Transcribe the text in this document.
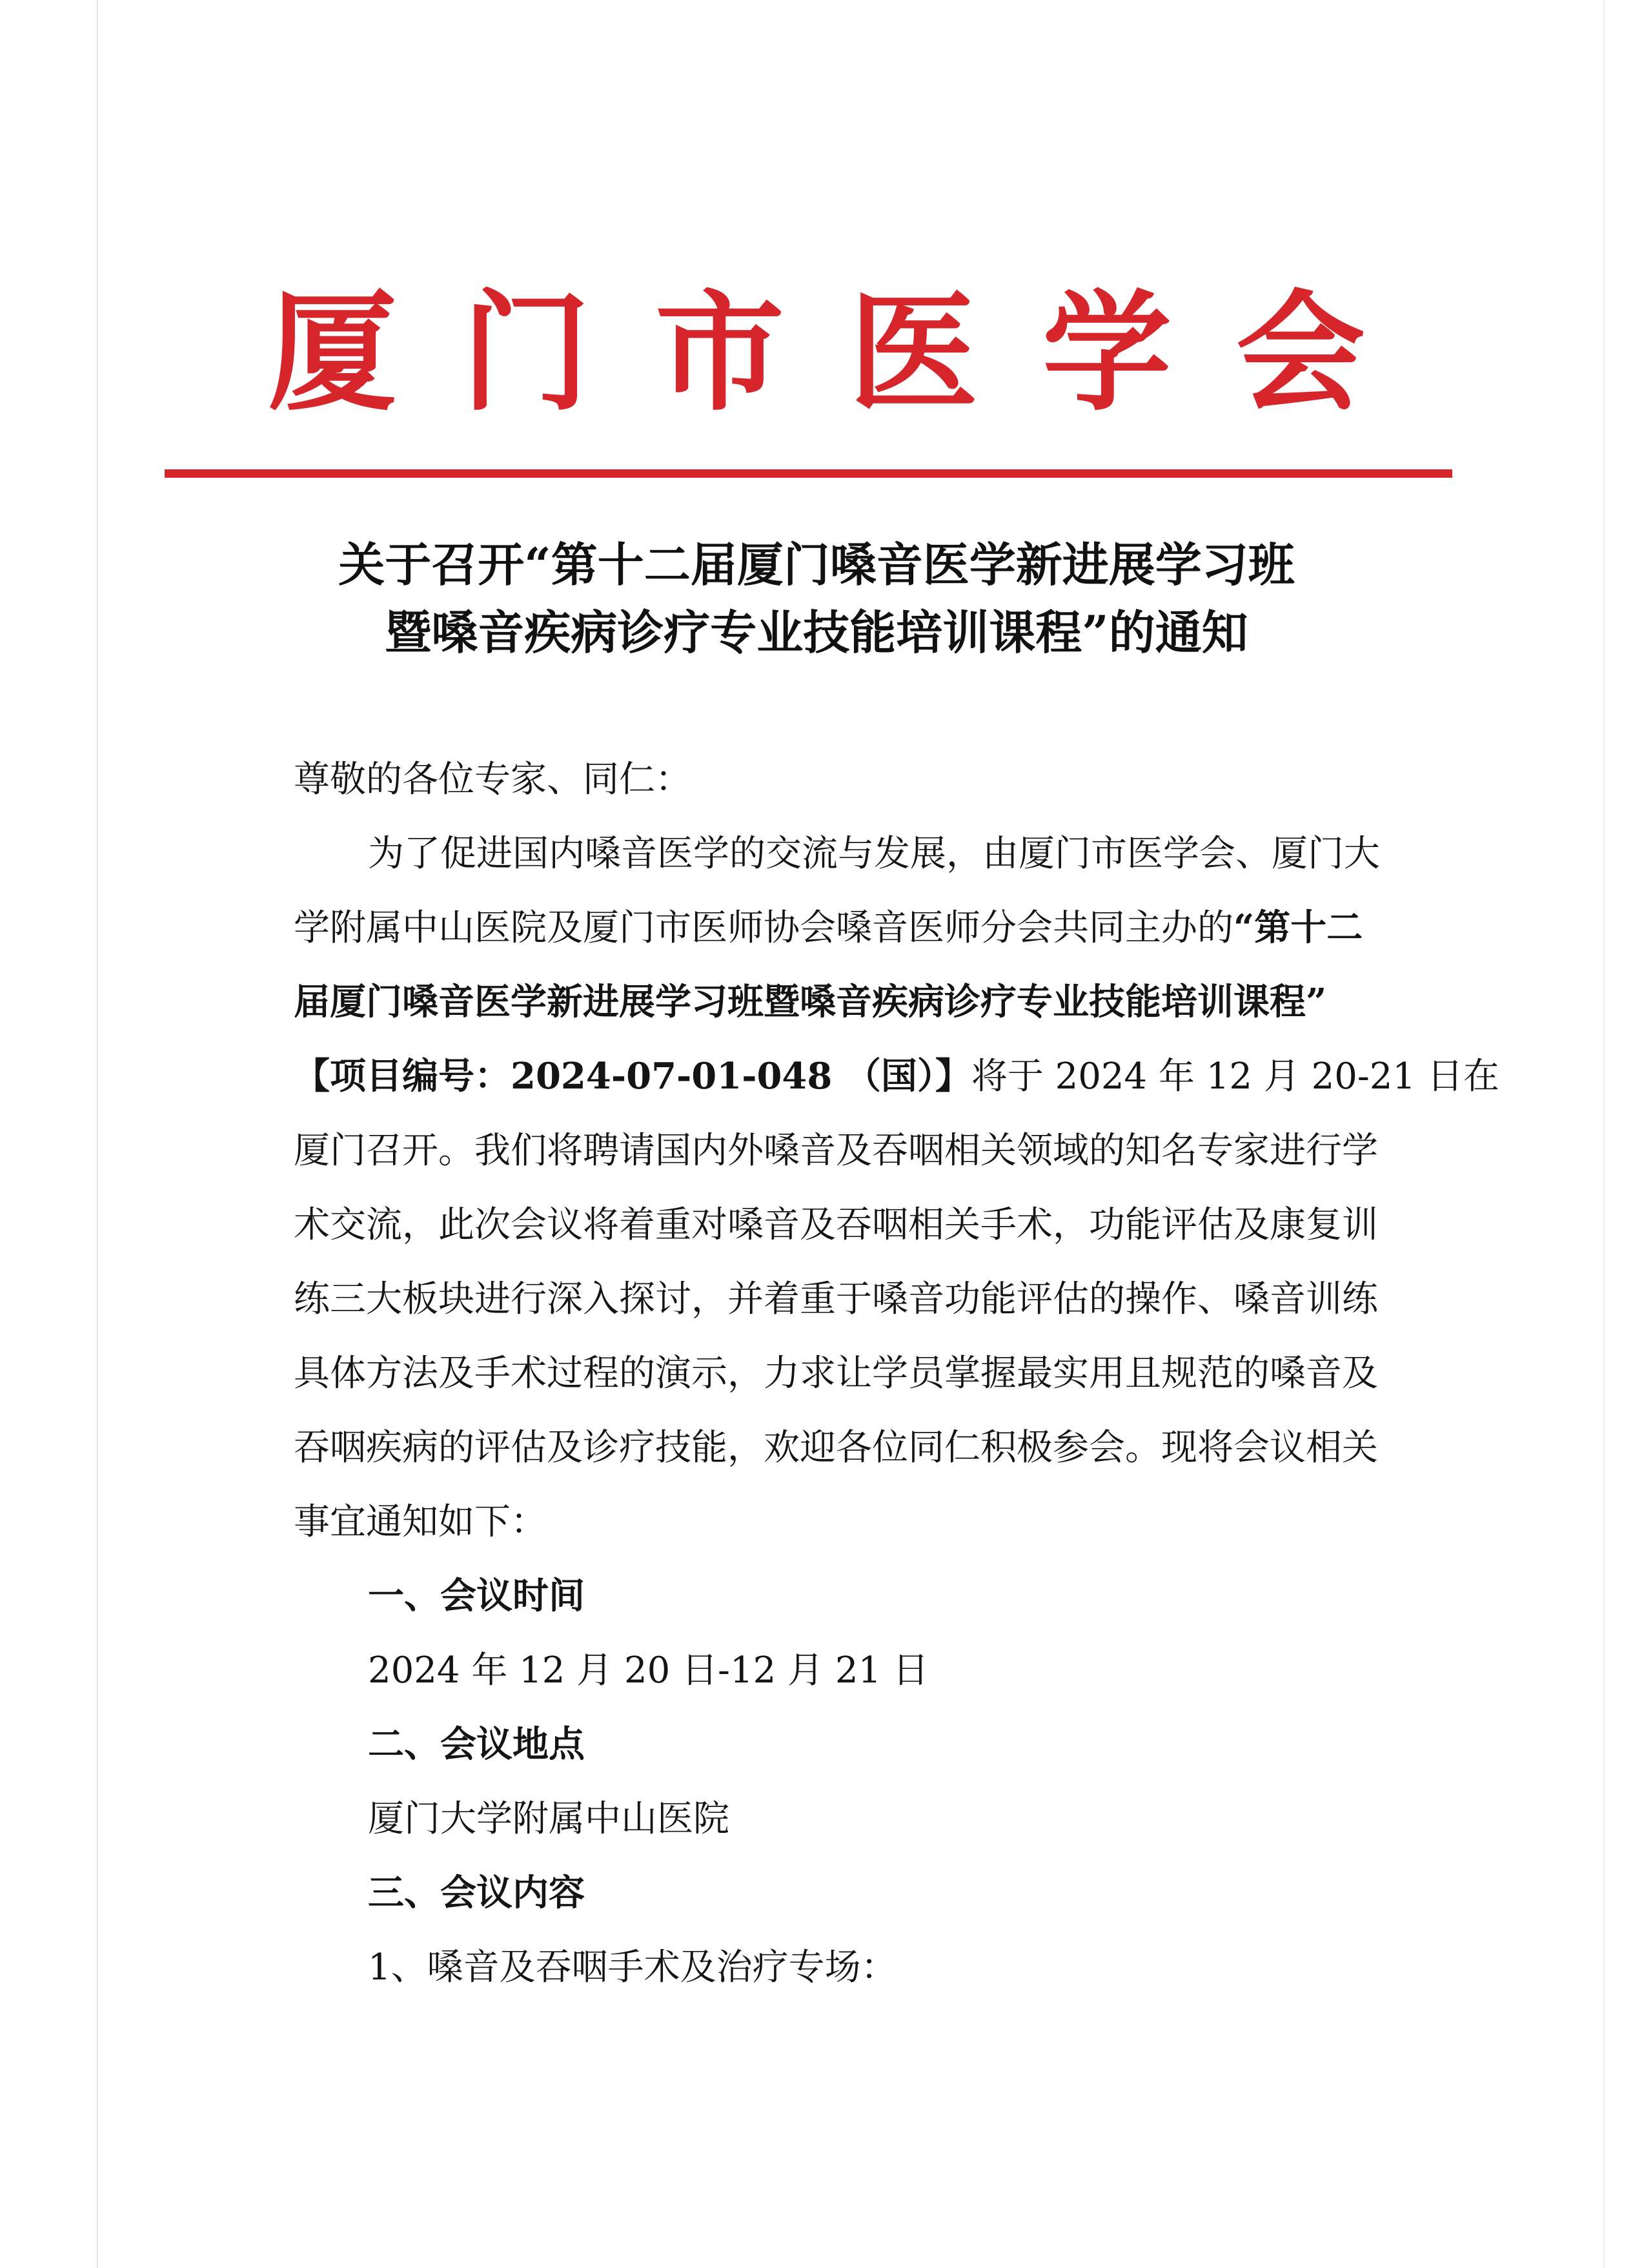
厦 门 市 医 学 会
关于召开“第十二届厦门嗓音医学新进展学习班
暨嗓音疾病诊疗专业技能培训课程”的通知
尊敬的各位专家、同仁：
为了促进国内嗓音医学的交流与发展，由厦门市医学会、厦门大
学附属中山医院及厦门市医师协会嗓音医师分会共同主办的“第十二
届厦门嗓音医学新进展学习班暨嗓音疾病诊疗专业技能培训课程”
【项目编号：2024-07-01-048 （国）】将于 2024 年 12 月 20-21 日在
厦门召开。我们将聘请国内外嗓音及吞咽相关领域的知名专家进行学
术交流，此次会议将着重对嗓音及吞咽相关手术，功能评估及康复训
练三大板块进行深入探讨，并着重于嗓音功能评估的操作、嗓音训练
具体方法及手术过程的演示，力求让学员掌握最实用且规范的嗓音及
吞咽疾病的评估及诊疗技能，欢迎各位同仁积极参会。现将会议相关
事宜通知如下：
一、会议时间
2024 年 12 月 20 日-12 月 21 日
二、会议地点
厦门大学附属中山医院
三、会议内容
1、嗓音及吞咽手术及治疗专场：
